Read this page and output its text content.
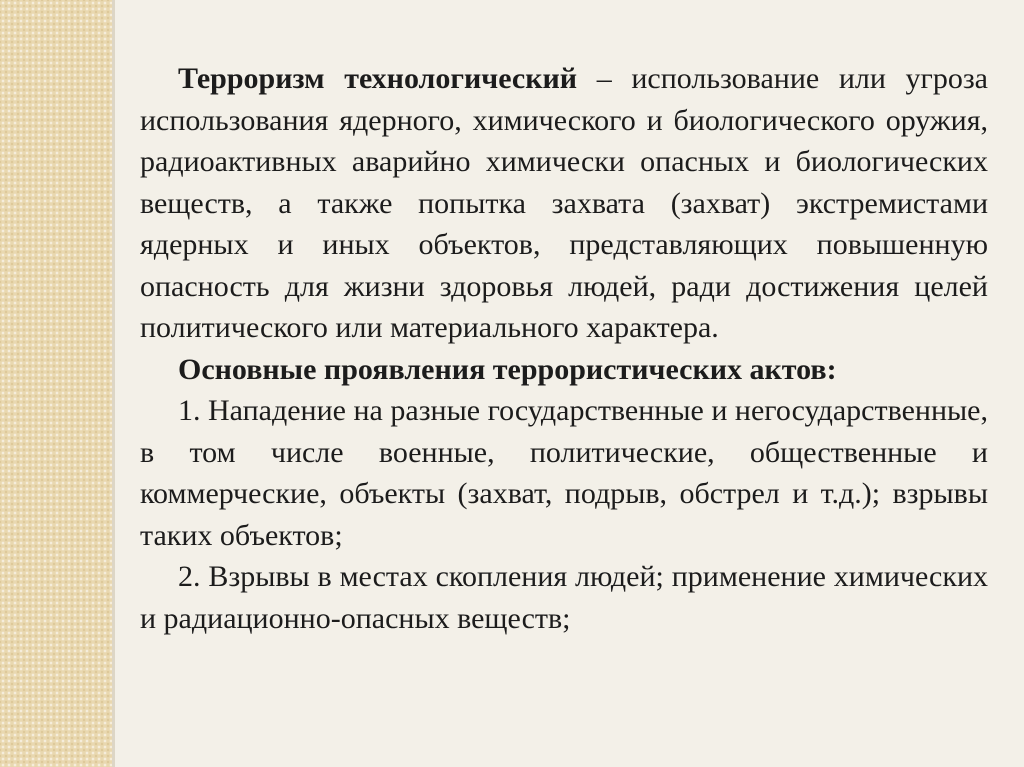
Терроризм технологический – использование или угроза использования ядерного, химического и биологического оружия, радиоактивных аварийно химически опасных и биологических веществ, а также попытка захвата (захват) экстремистами ядерных и иных объектов, представляющих повышенную опасность для жизни здоровья людей, ради достижения целей политического или материального характера.

Основные проявления террористических актов:

1. Нападение на разные государственные и негосударственные, в том числе военные, политические, общественные и коммерческие, объекты (захват, подрыв, обстрел и т.д.); взрывы таких объектов;

2. Взрывы в местах скопления людей; применение химических и радиационно-опасных веществ;
